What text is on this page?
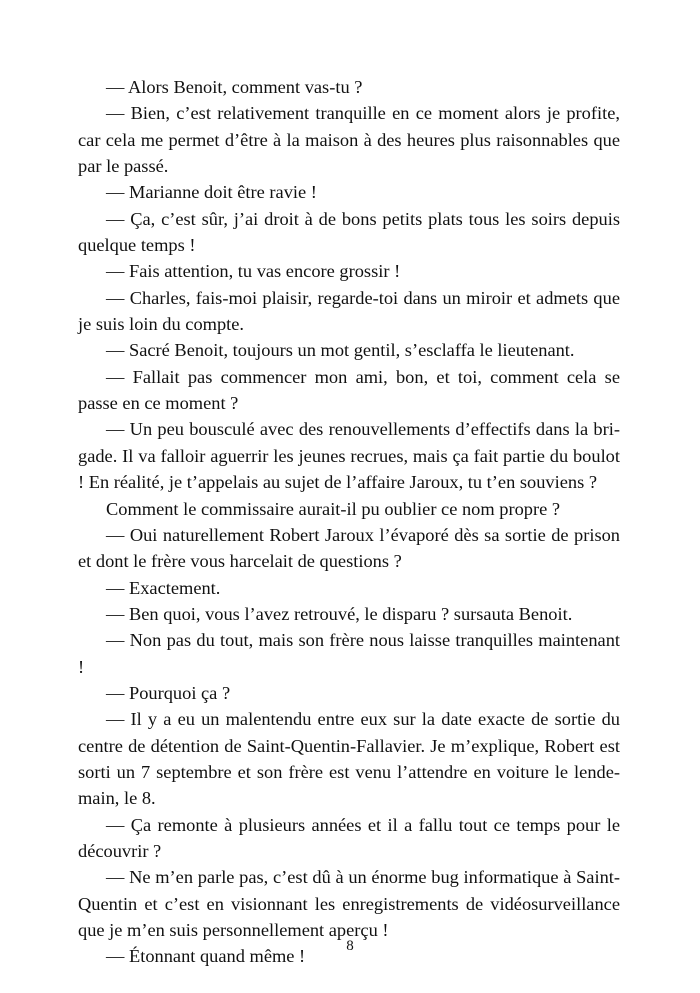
— Alors Benoit, comment vas-tu ?

— Bien, c’est relativement tranquille en ce moment alors je profite, car cela me permet d’être à la maison à des heures plus raisonnables que par le passé.

— Marianne doit être ravie !

— Ça, c’est sûr, j’ai droit à de bons petits plats tous les soirs depuis quelque temps !

— Fais attention, tu vas encore grossir !

— Charles, fais-moi plaisir, regarde-toi dans un miroir et admets que je suis loin du compte.

— Sacré Benoit, toujours un mot gentil, s’esclaffa le lieutenant.

— Fallait pas commencer mon ami, bon, et toi, comment cela se passe en ce moment ?

— Un peu bousculé avec des renouvellements d’effectifs dans la brigade. Il va falloir aguerrir les jeunes recrues, mais ça fait partie du boulot ! En réalité, je t’appelais au sujet de l’affaire Jaroux, tu t’en souviens ?

Comment le commissaire aurait-il pu oublier ce nom propre ?

— Oui naturellement Robert Jaroux l’évaporé dès sa sortie de prison et dont le frère vous harcelait de questions ?

— Exactement.

— Ben quoi, vous l’avez retrouvé, le disparu ? sursauta Benoit.

— Non pas du tout, mais son frère nous laisse tranquilles maintenant !

— Pourquoi ça ?

— Il y a eu un malentendu entre eux sur la date exacte de sortie du centre de détention de Saint-Quentin-Fallavier. Je m’explique, Robert est sorti un 7 septembre et son frère est venu l’attendre en voiture le lendemain, le 8.

— Ça remonte à plusieurs années et il a fallu tout ce temps pour le découvrir ?

— Ne m’en parle pas, c’est dû à un énorme bug informatique à Saint-Quentin et c’est en visionnant les enregistrements de vidéosurveillance que je m’en suis personnellement aperçu !

— Étonnant quand même !

8
